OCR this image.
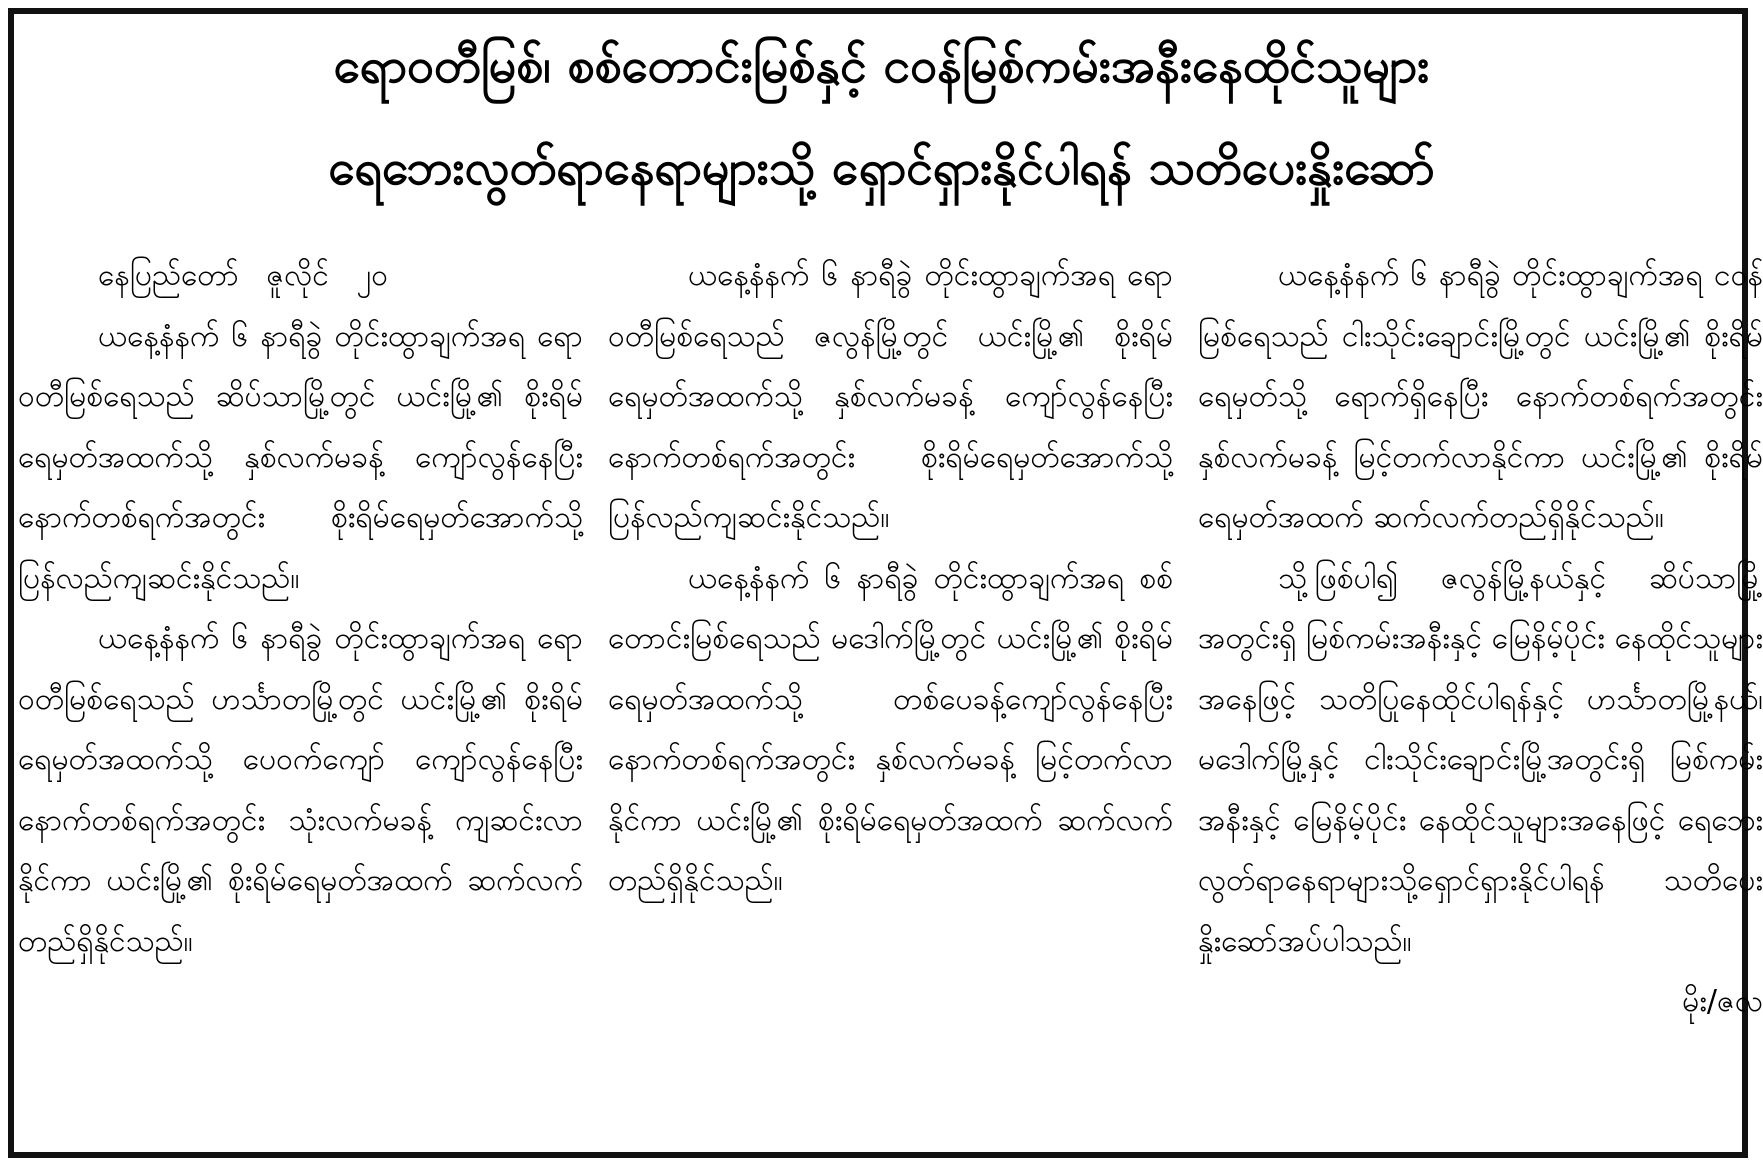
ရောဝတီမြစ်၊ စစ်တောင်းမြစ်နှင့် ငဝန်မြစ်ကမ်းအနီးနေထိုင်သူများ
ရေဘေးလွတ်ရာနေရာများသို့ ရှောင်ရှားနိုင်ပါရန် သတိပေးနှိုးဆော်

နေပြည်တော် ဇူလိုင် ၂၀

ယနေ့နံနက် ၆ နာရီခွဲ တိုင်းထွာချက်အရ ရောဝတီမြစ်ရေသည် ဆိပ်သာမြို့တွင် ယင်းမြို့၏ စိုးရိမ်ရေမှတ်အထက်သို့ နှစ်လက်မခန့် ကျော်လွန်နေပြီး နောက်တစ်ရက်အတွင်း စိုးရိမ်ရေမှတ်အောက်သို့ ပြန်လည်ကျဆင်းနိုင်သည်။

ယနေ့နံနက် ၆ နာရီခွဲ တိုင်းထွာချက်အရ ရောဝတီမြစ်ရေသည် ဟင်္သာတမြို့တွင် ယင်းမြို့၏ စိုးရိမ်ရေမှတ်အထက်သို့ ပေဝက်ကျော် ကျော်လွန်နေပြီး နောက်တစ်ရက်အတွင်း သုံးလက်မခန့် ကျဆင်းလာနိုင်ကာ ယင်းမြို့၏ စိုးရိမ်ရေမှတ်အထက် ဆက်လက်တည်ရှိနိုင်သည်။

ယနေ့နံနက် ၆ နာရီခွဲ တိုင်းထွာချက်အရ ရောဝတီမြစ်ရေသည် ဇလွန်မြို့တွင် ယင်းမြို့၏ စိုးရိမ်ရေမှတ်အထက်သို့ နှစ်လက်မခန့် ကျော်လွန်နေပြီး နောက်တစ်ရက်အတွင်း စိုးရိမ်ရေမှတ်အောက်သို့ ပြန်လည်ကျဆင်းနိုင်သည်။

ယနေ့နံနက် ၆ နာရီခွဲ တိုင်းထွာချက်အရ စစ်တောင်းမြစ်ရေသည် မဒေါက်မြို့တွင် ယင်းမြို့၏ စိုးရိမ်ရေမှတ်အထက်သို့ တစ်ပေခန့်ကျော်လွန်နေပြီး နောက်တစ်ရက်အတွင်း နှစ်လက်မခန့် မြင့်တက်လာနိုင်ကာ ယင်းမြို့၏ စိုးရိမ်ရေမှတ်အထက် ဆက်လက်တည်ရှိနိုင်သည်။

ယနေ့နံနက် ၆ နာရီခွဲ တိုင်းထွာချက်အရ ငဝန်မြစ်ရေသည် ငါးသိုင်းချောင်းမြို့တွင် ယင်းမြို့၏ စိုးရိမ်ရေမှတ်သို့ ရောက်ရှိနေပြီး နောက်တစ်ရက်အတွင်း နှစ်လက်မခန့် မြင့်တက်လာနိုင်ကာ ယင်းမြို့၏ စိုးရိမ်ရေမှတ်အထက် ဆက်လက်တည်ရှိနိုင်သည်။

သို့ဖြစ်ပါ၍ ဇလွန်မြို့နယ်နှင့် ဆိပ်သာမြို့အတွင်းရှိ မြစ်ကမ်းအနီးနှင့် မြေနိမ့်ပိုင်း နေထိုင်သူများအနေဖြင့် သတိပြုနေထိုင်ပါရန်နှင့် ဟင်္သာတမြို့နယ်၊ မဒေါက်မြို့နှင့် ငါးသိုင်းချောင်းမြို့အတွင်းရှိ မြစ်ကမ်းအနီးနှင့် မြေနိမ့်ပိုင်း နေထိုင်သူများအနေဖြင့် ရေဘေးလွတ်ရာနေရာများသို့ရှောင်ရှားနိုင်ပါရန် သတိပေးနှိုးဆော်အပ်ပါသည်။

မိုး/ဇလ
